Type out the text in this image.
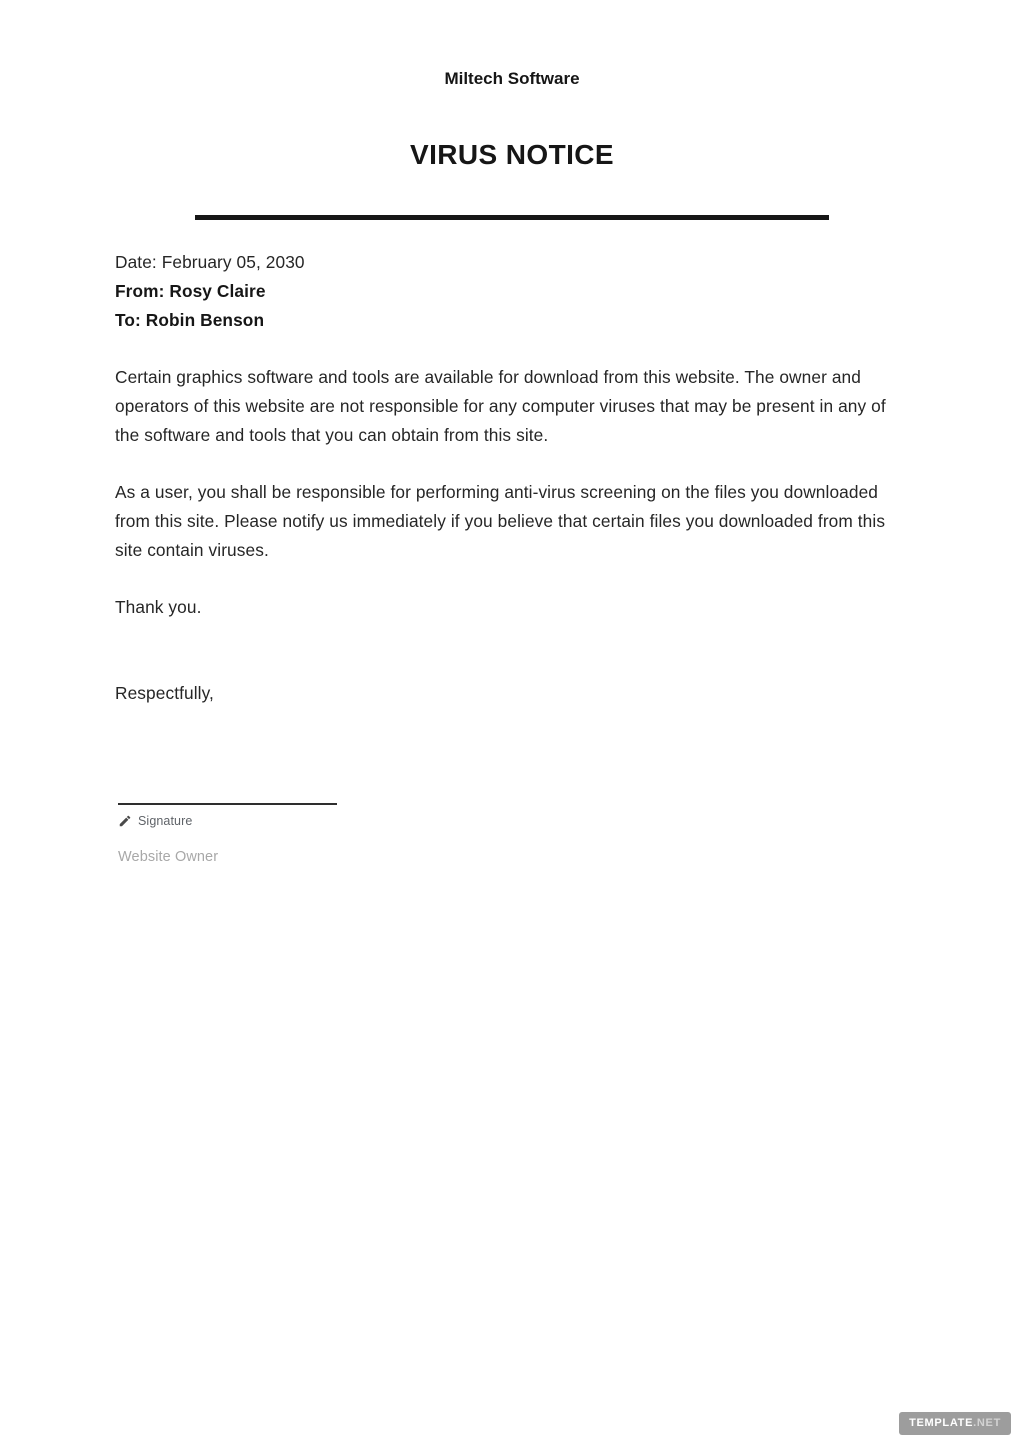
Miltech Software
VIRUS NOTICE
Date: February 05, 2030
From: Rosy Claire
To: Robin Benson

Certain graphics software and tools are available for download from this website. The owner and operators of this website are not responsible for any computer viruses that may be present in any of the software and tools that you can obtain from this site.

As a user, you shall be responsible for performing anti-virus screening on the files you downloaded from this site. Please notify us immediately if you believe that certain files you downloaded from this site contain viruses.

Thank you.

Respectfully,

Signature
Website Owner
TEMPLATE.NET
